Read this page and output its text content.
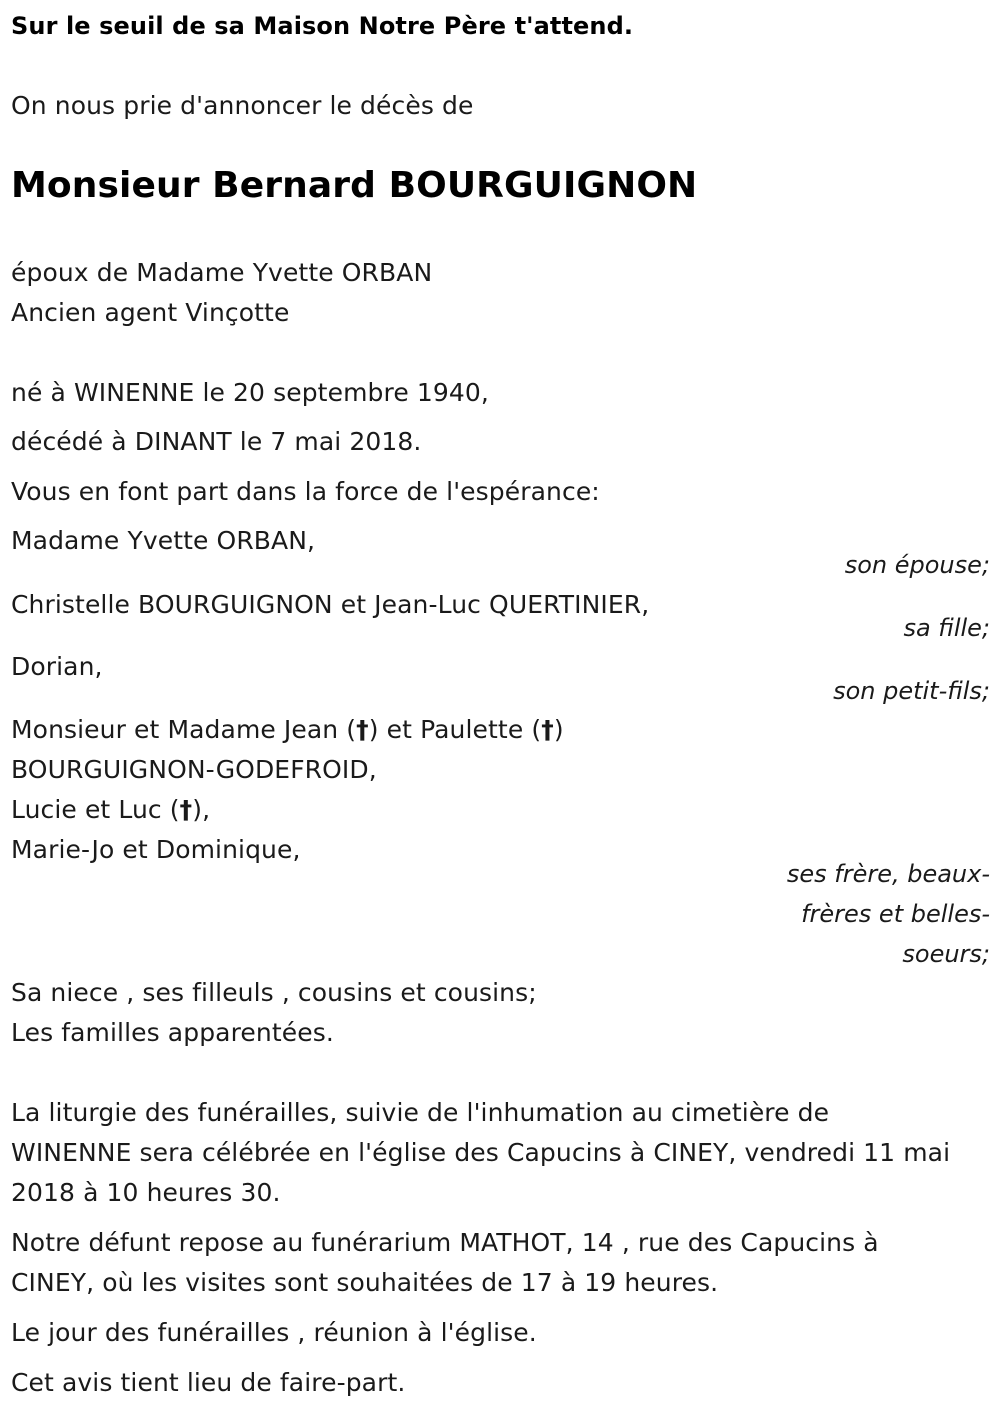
Sur le seuil de sa Maison Notre Père t'attend.
On nous prie d'annoncer le décès de
Monsieur Bernard BOURGUIGNON
époux de Madame Yvette ORBAN
Ancien agent Vinçotte
né à WINENNE le 20 septembre 1940,
décédé à DINANT le 7 mai 2018.
Vous en font part dans la force de l'espérance:
Madame Yvette ORBAN,
son épouse;
Christelle BOURGUIGNON et Jean-Luc QUERTINIER,
sa fille;
Dorian,
son petit-fils;
Monsieur et Madame Jean (†) et Paulette (†)
BOURGUIGNON-GODEFROID,
Lucie et Luc (†),
Marie-Jo et Dominique,
ses frère, beaux-
frères et belles-
soeurs;
Sa niece , ses filleuls , cousins et cousins;
Les familles apparentées.
La liturgie des funérailles, suivie de l'inhumation au cimetière de
WINENNE sera célébrée en l'église des Capucins à CINEY, vendredi 11 mai
2018 à 10 heures 30.
Notre défunt repose au funérarium MATHOT, 14 , rue des Capucins à
CINEY, où les visites sont souhaitées de 17 à 19 heures.
Le jour des funérailles , réunion à l'église.
Cet avis tient lieu de faire-part.
